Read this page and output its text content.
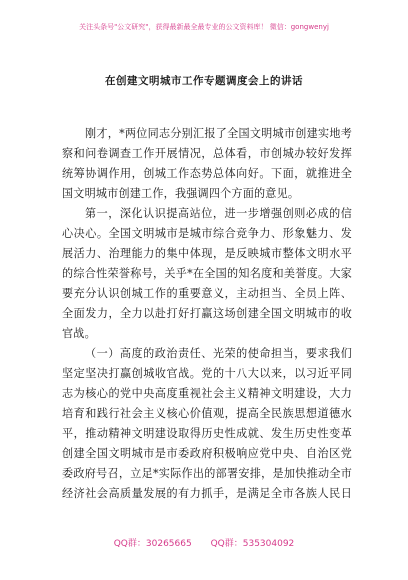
关注头条号"公文研究"，获得最新最全最专业的公文资料库！ 微信：gongwenyj
在创建文明城市工作专题调度会上的讲话
刚才，*两位同志分别汇报了全国文明城市创建实地考
察和问卷调查工作开展情况，总体看，市创城办较好发挥
统筹协调作用，创城工作态势总体向好。下面，就推进全
国文明城市创建工作，我强调四个方面的意见。
第一，深化认识提高站位，进一步增强创则必成的信
心决心。全国文明城市是城市综合竞争力、形象魅力、发
展活力、治理能力的集中体现，是反映城市整体文明水平
的综合性荣誉称号，关乎*在全国的知名度和美誉度。大家
要充分认识创城工作的重要意义，主动担当、全员上阵、
全面发力，全力以赴打好打赢这场创建全国文明城市的收
官战。
（一）高度的政治责任、光荣的使命担当，要求我们
坚定坚决打赢创城收官战。党的十八大以来，以习近平同
志为核心的党中央高度重视社会主义精神文明建设，大力
培育和践行社会主义核心价值观，提高全民族思想道德水
平，推动精神文明建设取得历史性成就、发生历史性变革
创建全国文明城市是市委政府积极响应党中央、自治区党
委政府号召，立足*实际作出的部署安排，是加快推动全市
经济社会高质量发展的有力抓手，是满足全市各族人民日
QQ群：30265665 QQ群：535304092
